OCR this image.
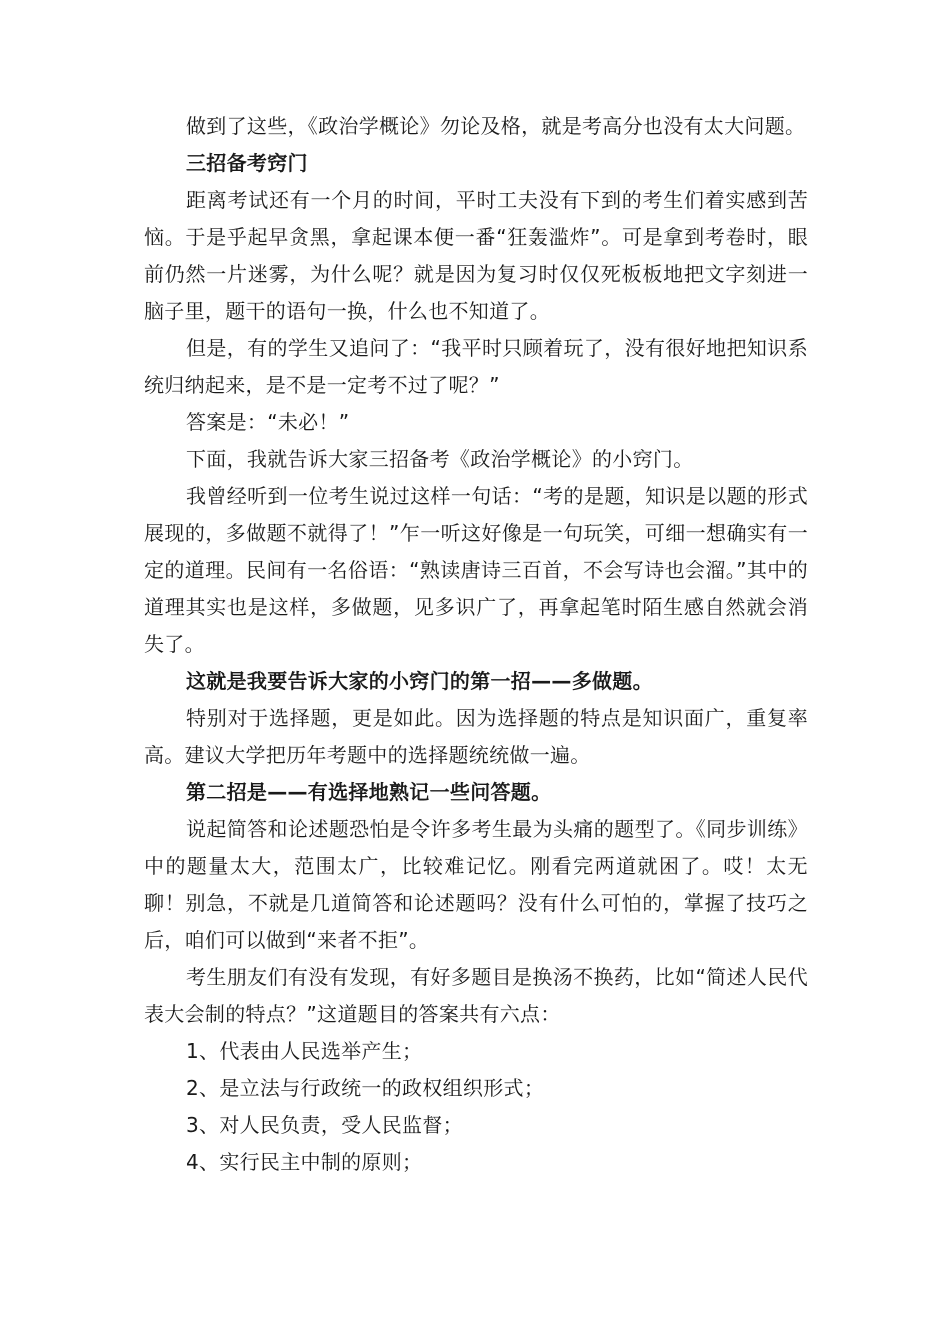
做到了这些，《政治学概论》勿论及格，就是考高分也没有太大问题。

三招备考窍门

距离考试还有一个月的时间，平时工夫没有下到的考生们着实感到苦恼。于是乎起早贪黑，拿起课本便一番“狂轰滥炸”。可是拿到考卷时，眼前仍然一片迷雾，为什么呢？就是因为复习时仅仅死板板地把文字刻进一脑子里，题干的语句一换，什么也不知道了。

但是，有的学生又追问了：“我平时只顾着玩了，没有很好地把知识系统归纳起来，是不是一定考不过了呢？”

答案是：“未必！”

下面，我就告诉大家三招备考《政治学概论》的小窍门。

我曾经听到一位考生说过这样一句话：“考的是题，知识是以题的形式展现的，多做题不就得了！”乍一听这好像是一句玩笑，可细一想确实有一定的道理。民间有一名俗语：“熟读唐诗三百首，不会写诗也会溜。”其中的道理其实也是这样，多做题，见多识广了，再拿起笔时陌生感自然就会消失了。

这就是我要告诉大家的小窍门的第一招——多做题。

特别对于选择题，更是如此。因为选择题的特点是知识面广，重复率高。建议大学把历年考题中的选择题统统做一遍。

第二招是——有选择地熟记一些问答题。

说起简答和论述题恐怕是令许多考生最为头痛的题型了。《同步训练》中的题量太大，范围太广，比较难记忆。刚看完两道就困了。哎！太无聊！别急，不就是几道简答和论述题吗？没有什么可怕的，掌握了技巧之后，咱们可以做到“来者不拒”。

考生朋友们有没有发现，有好多题目是换汤不换药，比如“简述人民代表大会制的特点？”这道题目的答案共有六点：

1、代表由人民选举产生；

2、是立法与行政统一的政权组织形式；

3、对人民负责，受人民监督；

4、实行民主中制的原则；
